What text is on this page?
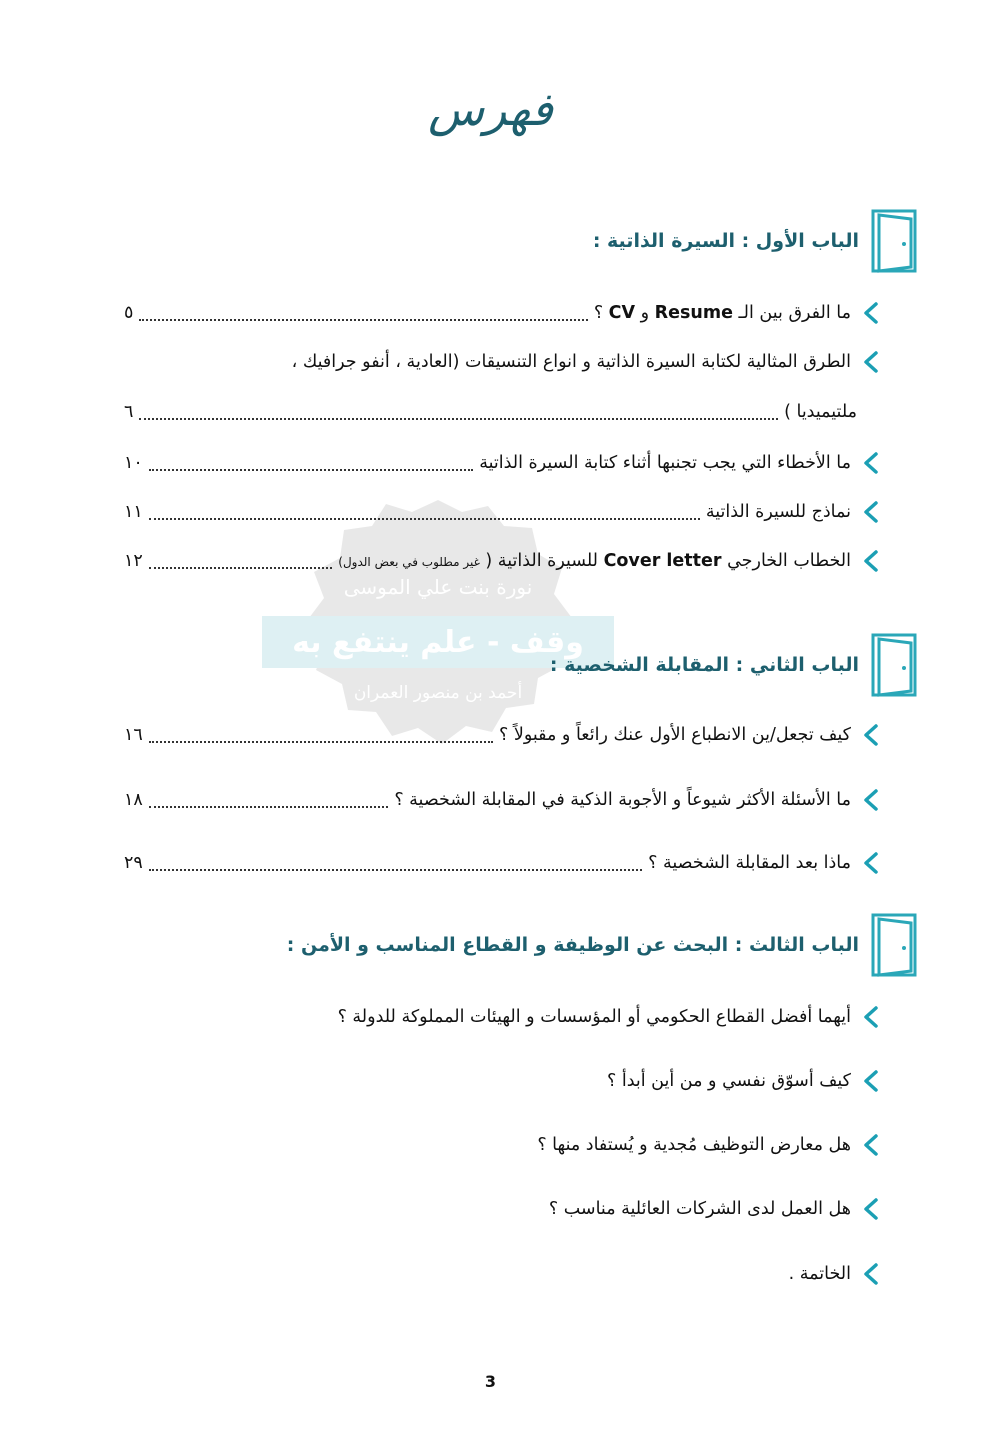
فهرس
نورة بنت علي الموسى
وقف - علم ينتفع به
أحمد بن منصور العمران
الباب الأول : السيرة الذاتية :
ما الفرق بين الـ Resume و CV ؟
٥
الطرق المثالية لكتابة السيرة الذاتية و انواع التنسيقات (العادية ، أنفو جرافيك ،
ملتيميديا )
٦
ما الأخطاء التي يجب تجنبها أثناء كتابة السيرة الذاتية
١٠
نماذج للسيرة الذاتية
١١
الخطاب الخارجي Cover letter للسيرة الذاتية ( غير مطلوب في بعض الدول)
١٢
الباب الثاني : المقابلة الشخصية :
كيف تجعل/ين الانطباع الأول عنك رائعاً و مقبولاً ؟
١٦
ما الأسئلة الأكثر شيوعاً و الأجوبة الذكية في المقابلة الشخصية ؟
١٨
ماذا بعد المقابلة الشخصية ؟
٢٩
الباب الثالث : البحث عن الوظيفة و القطاع المناسب و الأمن :
أيهما أفضل القطاع الحكومي أو المؤسسات و الهيئات المملوكة للدولة ؟
كيف أسوّق نفسي و من أين أبدأ ؟
هل معارض التوظيف مُجدية و يُستفاد منها ؟
هل العمل لدى الشركات العائلية مناسب ؟
الخاتمة .
3
